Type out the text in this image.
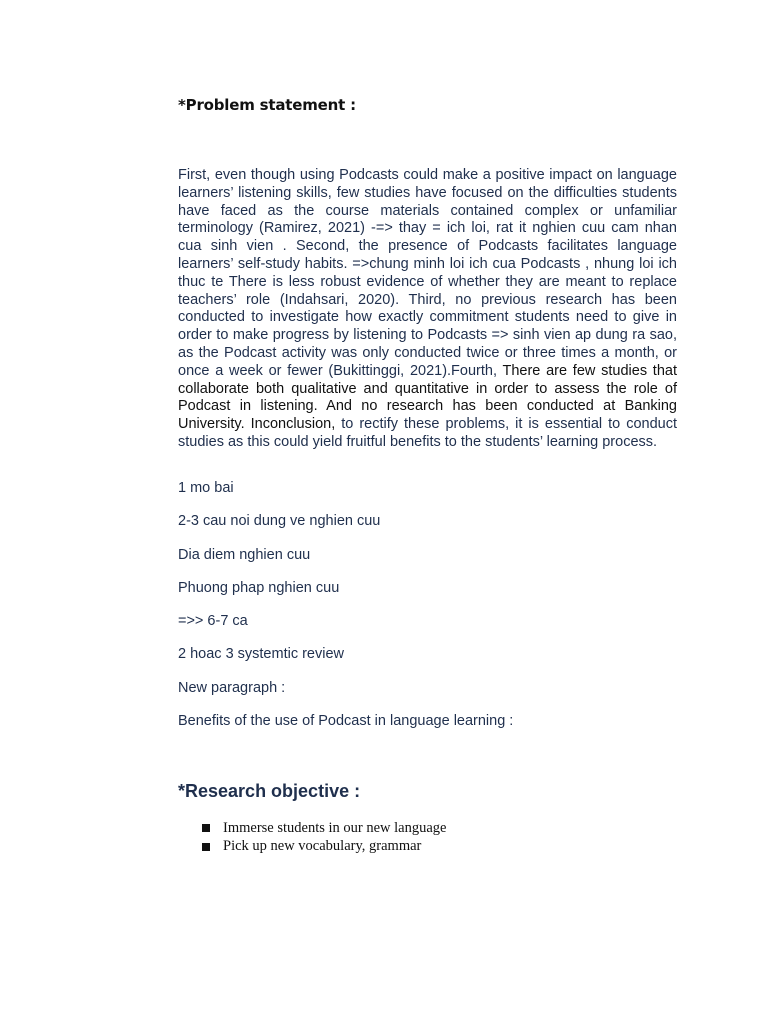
*Problem statement :

First, even though using Podcasts could make a positive impact on language learners’ listening skills, few studies have focused on the difficulties students have faced as the course materials contained complex or unfamiliar terminology (Ramirez, 2021) -=> thay = ich loi, rat it nghien cuu cam nhan cua sinh vien . Second, the presence of Podcasts facilitates language learners’ self-study habits. =>chung minh loi ich cua Podcasts , nhung loi ich thuc te There is less robust evidence of whether they are meant to replace teachers’ role (Indahsari, 2020). Third, no previous research has been conducted to investigate how exactly commitment students need to give in order to make progress by listening to Podcasts => sinh vien ap dung ra sao, as the Podcast activity was only conducted twice or three times a month, or once a week or fewer (Bukittinggi, 2021).Fourth, There are few studies that collaborate both qualitative and quantitative in order to assess the role of Podcast in listening. And no research has been conducted at Banking University. Inconclusion, to rectify these problems, it is essential to conduct studies as this could yield fruitful benefits to the students’ learning process.

1 mo bai

2-3 cau noi dung ve nghien cuu

Dia diem nghien cuu

Phuong phap nghien cuu

=>> 6-7 ca

2 hoac 3 systemtic review

New paragraph :

Benefits of the use of Podcast in language learning :

*Research objective :
Immerse students in our new language
Pick up new vocabulary, grammar
